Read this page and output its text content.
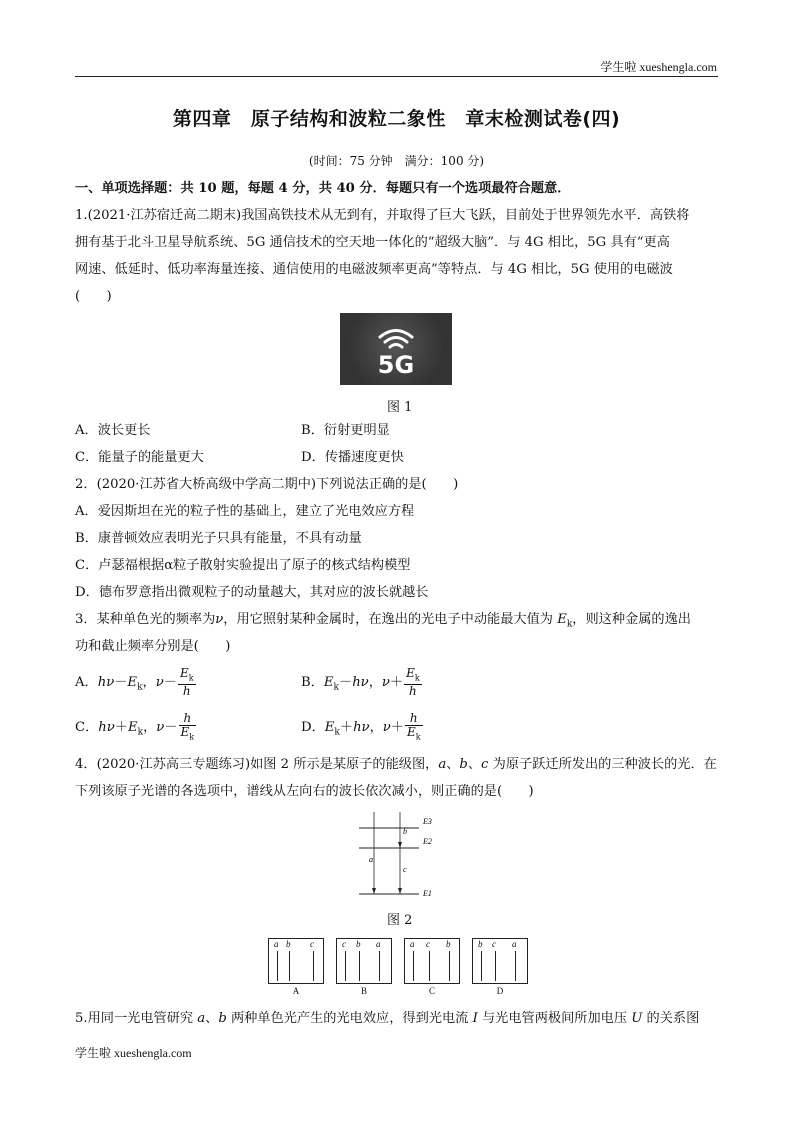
学生啦 xueshengla.com
第四章　原子结构和波粒二象性　章末检测试卷(四)
(时间：75 分钟　满分：100 分)
一、单项选择题：共 10 题，每题 4 分，共 40 分．每题只有一个选项最符合题意．
1.(2021·江苏宿迁高二期末)我国高铁技术从无到有，并取得了巨大飞跃，目前处于世界领先水平．高铁将
拥有基于北斗卫星导航系统、5G 通信技术的空天地一体化的“超级大脑”．与 4G 相比，5G 具有“更高
网速、低延时、低功率海量连接、通信使用的电磁波频率更高”等特点．与 4G 相比，5G 使用的电磁波
(　　)
5G
图 1
A．波长更长	B．衍射更明显
C．能量子的能量更大	D．传播速度更快
2．(2020·江苏省大桥高级中学高二期中)下列说法正确的是(　　)
A．爱因斯坦在光的粒子性的基础上，建立了光电效应方程
B．康普顿效应表明光子只具有能量，不具有动量
C．卢瑟福根据α粒子散射实验提出了原子的核式结构模型
D．德布罗意指出微观粒子的动量越大，其对应的波长就越长
3．某种单色光的频率为ν，用它照射某种金属时，在逸出的光电子中动能最大值为 $E_k$，则这种金属的逸出
功和截止频率分别是(　　)
A．$h\nu-E_k$，$\nu- \frac{E_k}{h}$	B．$E_k-h\nu$，$\nu+ \frac{E_k}{h}$
C．$h\nu+E_k$，$\nu- \frac{h}{E_k}$	D．$E_k+h\nu$，$\nu+ \frac{h}{E_k}$
4．(2020·江苏高三专题练习)如图 2 所示是某原子的能级图，a、b、c 为原子跃迁所发出的三种波长的光．在
下列该原子光谱的各选项中，谱线从左向右的波长依次减小，则正确的是(　　)
a
b
c
E3
E2
E1
图 2
a b c
A
c b a
B
a c b
C
b c a
D
5.用同一光电管研究 a、b 两种单色光产生的光电效应，得到光电流 I 与光电管两极间所加电压 U 的关系图
学生啦 xueshengla.com
